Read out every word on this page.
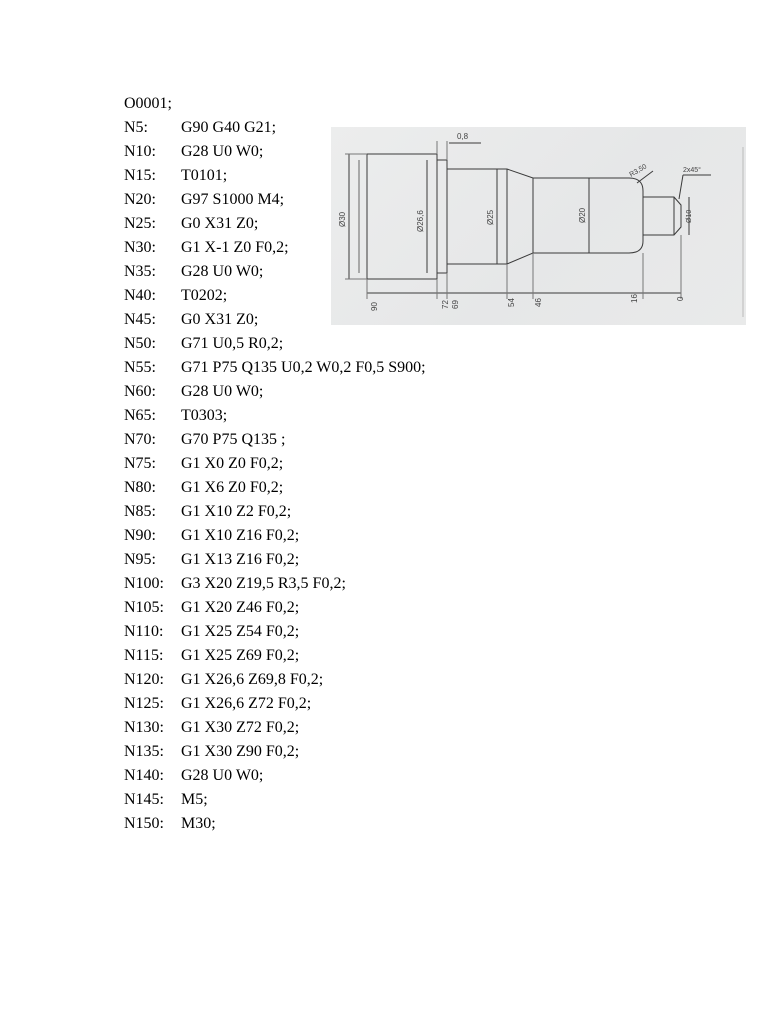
O0001;
N5: G90 G40 G21;
N10: G28 U0 W0;
N15: T0101;
N20: G97 S1000 M4;
N25: G0 X31 Z0;
N30: G1 X-1 Z0 F0,2;
N35: G28 U0 W0;
N40: T0202;
N45: G0 X31 Z0;
N50: G71 U0,5 R0,2;
N55: G71 P75 Q135 U0,2 W0,2 F0,5 S900;
N60: G28 U0 W0;
N65: T0303;
N70: G70 P75 Q135 ;
N75: G1 X0 Z0 F0,2;
N80: G1 X6 Z0 F0,2;
N85: G1 X10 Z2 F0,2;
N90: G1 X10 Z16 F0,2;
N95: G1 X13 Z16 F0,2;
N100: G3 X20 Z19,5 R3,5 F0,2;
N105: G1 X20 Z46 F0,2;
N110: G1 X25 Z54 F0,2;
N115: G1 X25 Z69 F0,2;
N120: G1 X26,6 Z69,8 F0,2;
N125: G1 X26,6 Z72 F0,2;
N130: G1 X30 Z72 F0,2;
N135: G1 X30 Z90 F0,2;
N140: G28 U0 W0;
N145: M5;
N150: M30;
Ø30	Ø26,6	Ø25	Ø20	Ø10
0,8
R3,50	2x45°
90	72 69	54 46	16	0
